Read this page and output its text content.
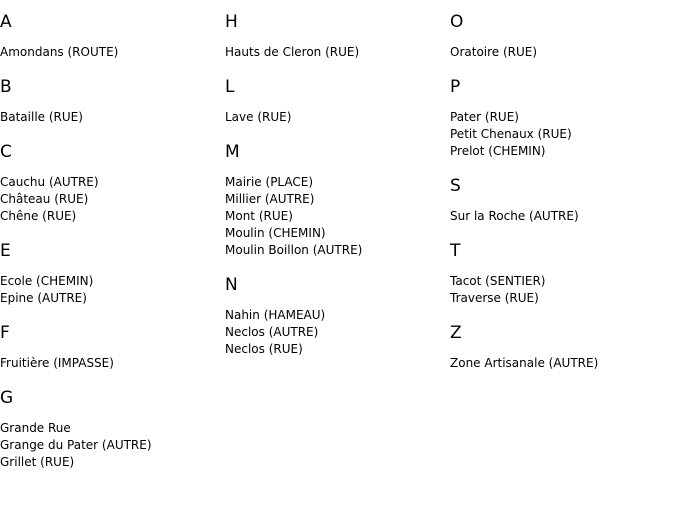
A
Amondans (ROUTE)
B
Bataille (RUE)
C
Cauchu (AUTRE)
Château (RUE)
Chêne (RUE)
E
Ecole (CHEMIN)
Epine (AUTRE)
F
Fruitière (IMPASSE)
G
Grande Rue
Grange du Pater (AUTRE)
Grillet (RUE)
H
Hauts de Cleron (RUE)
L
Lave (RUE)
M
Mairie (PLACE)
Millier (AUTRE)
Mont (RUE)
Moulin (CHEMIN)
Moulin Boillon (AUTRE)
N
Nahin (HAMEAU)
Neclos (AUTRE)
Neclos (RUE)
O
Oratoire (RUE)
P
Pater (RUE)
Petit Chenaux (RUE)
Prelot (CHEMIN)
S
Sur la Roche (AUTRE)
T
Tacot (SENTIER)
Traverse (RUE)
Z
Zone Artisanale (AUTRE)
